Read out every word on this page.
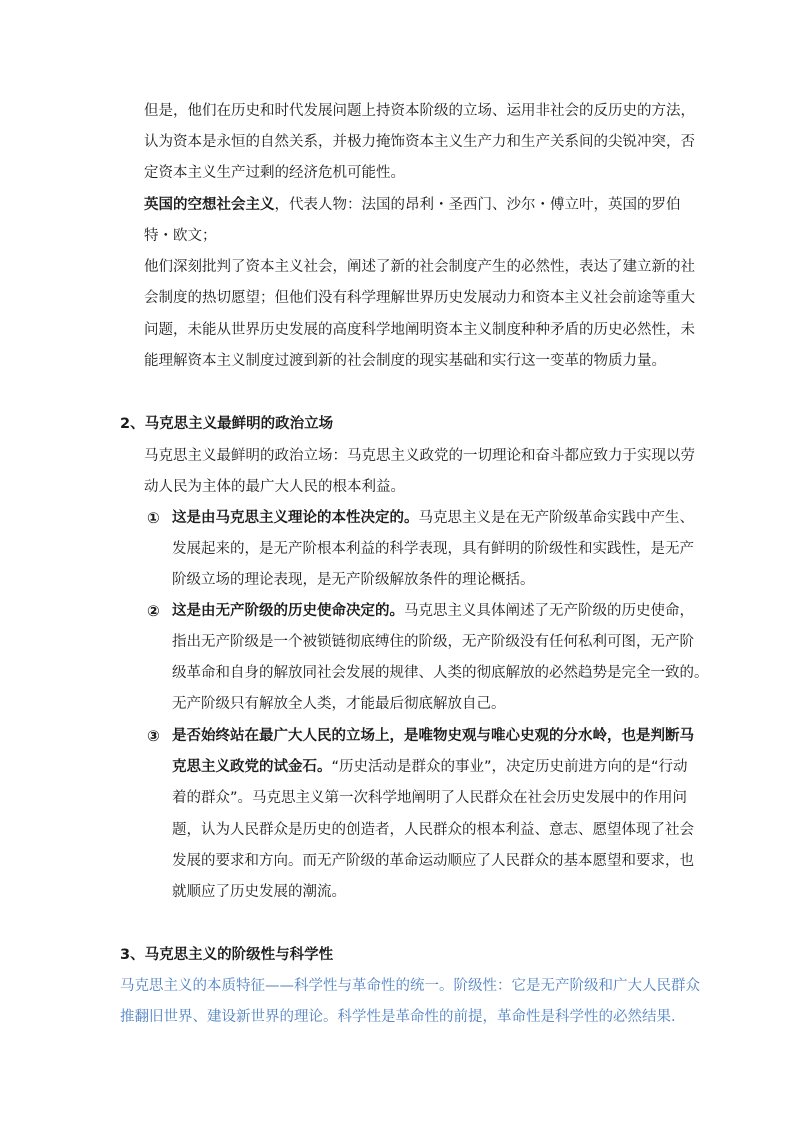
但是，他们在历史和时代发展问题上持资本阶级的立场、运用非社会的反历史的方法，
认为资本是永恒的自然关系，并极力掩饰资本主义生产力和生产关系间的尖锐冲突，否
定资本主义生产过剩的经济危机可能性。
英国的空想社会主义，代表人物：法国的昂利・圣西门、沙尔・傅立叶，英国的罗伯
特・欧文；
他们深刻批判了资本主义社会，阐述了新的社会制度产生的必然性，表达了建立新的社
会制度的热切愿望；但他们没有科学理解世界历史发展动力和资本主义社会前途等重大
问题，未能从世界历史发展的高度科学地阐明资本主义制度种种矛盾的历史必然性，未
能理解资本主义制度过渡到新的社会制度的现实基础和实行这一变革的物质力量。
2、马克思主义最鲜明的政治立场
马克思主义最鲜明的政治立场：马克思主义政党的一切理论和奋斗都应致力于实现以劳
动人民为主体的最广大人民的根本利益。
① 这是由马克思主义理论的本性决定的。马克思主义是在无产阶级革命实践中产生、
发展起来的，是无产阶根本利益的科学表现，具有鲜明的阶级性和实践性，是无产
阶级立场的理论表现，是无产阶级解放条件的理论概括。
② 这是由无产阶级的历史使命决定的。马克思主义具体阐述了无产阶级的历史使命，
指出无产阶级是一个被锁链彻底缚住的阶级，无产阶级没有任何私利可图，无产阶
级革命和自身的解放同社会发展的规律、人类的彻底解放的必然趋势是完全一致的。
无产阶级只有解放全人类，才能最后彻底解放自己。
③ 是否始终站在最广大人民的立场上，是唯物史观与唯心史观的分水岭，也是判断马
克思主义政党的试金石。“历史活动是群众的事业”，决定历史前进方向的是“行动
着的群众”。马克思主义第一次科学地阐明了人民群众在社会历史发展中的作用问
题，认为人民群众是历史的创造者，人民群众的根本利益、意志、愿望体现了社会
发展的要求和方向。而无产阶级的革命运动顺应了人民群众的基本愿望和要求，也
就顺应了历史发展的潮流。
3、马克思主义的阶级性与科学性
马克思主义的本质特征——科学性与革命性的统一。阶级性：它是无产阶级和广大人民群众
推翻旧世界、建设新世界的理论。科学性是革命性的前提，革命性是科学性的必然结果.
